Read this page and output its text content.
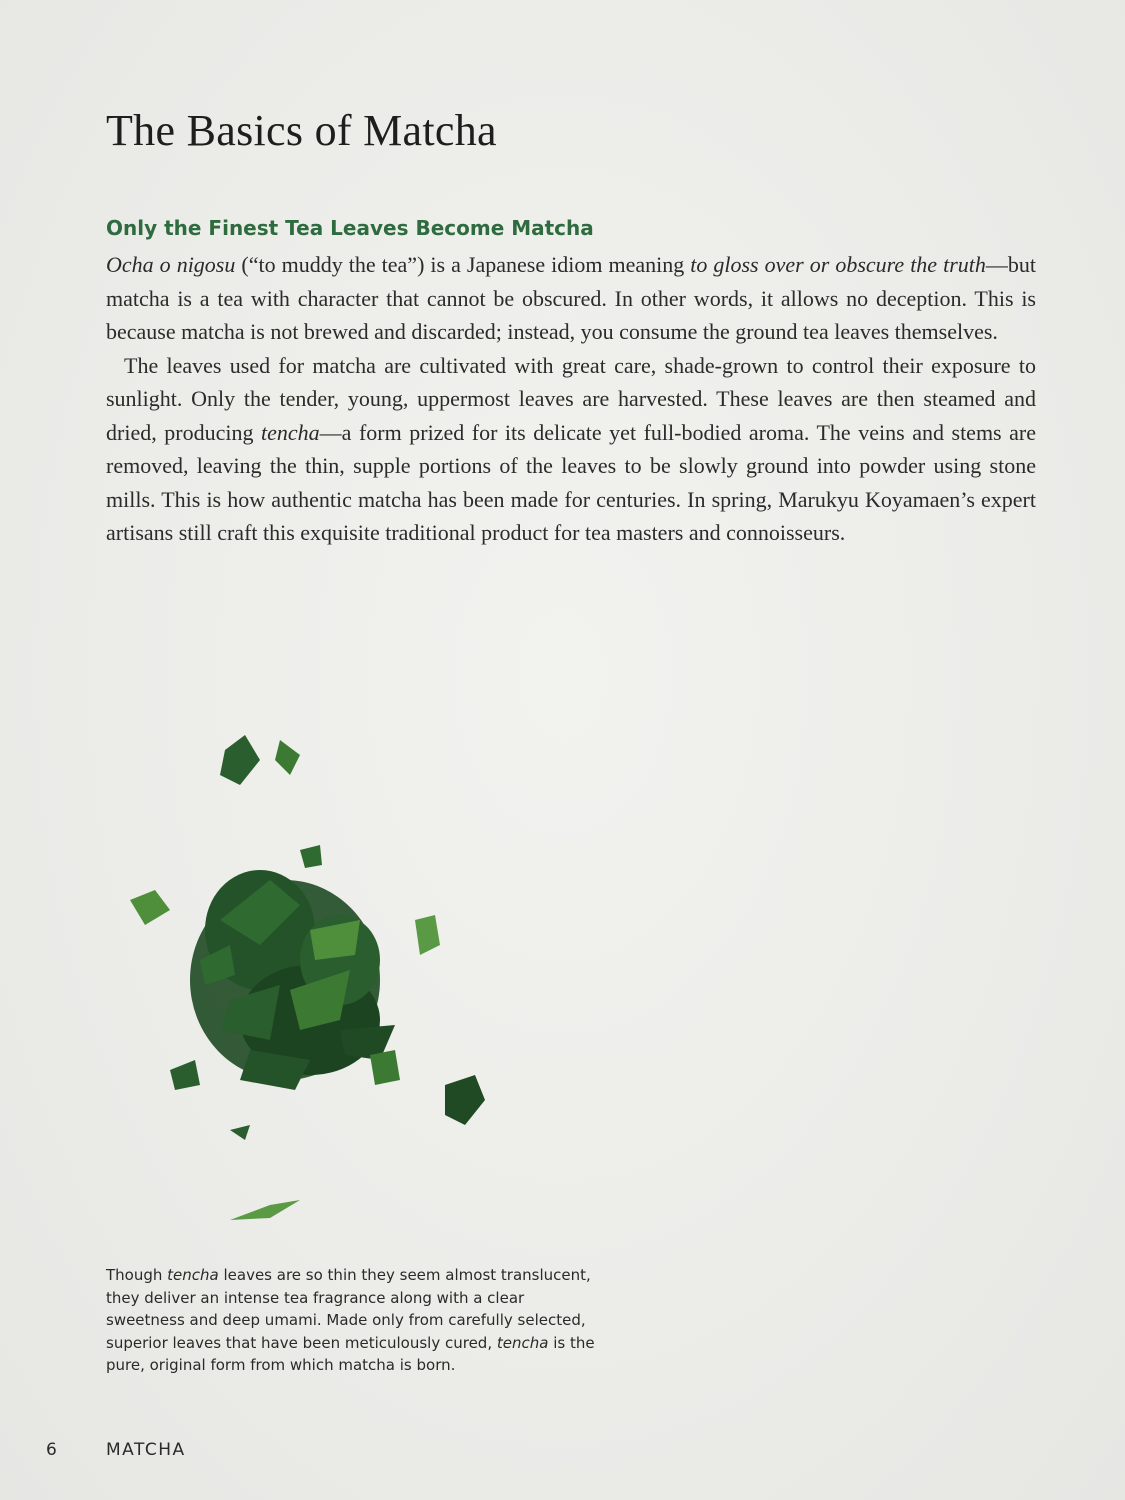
The Basics of Matcha
Only the Finest Tea Leaves Become Matcha

Ocha o nigosu (“to muddy the tea”) is a Japanese idiom meaning to gloss over or obscure the truth—but matcha is a tea with character that cannot be obscured. In other words, it allows no deception. This is because matcha is not brewed and discarded; instead, you consume the ground tea leaves themselves.

The leaves used for matcha are cultivated with great care, shade-grown to control their exposure to sunlight. Only the tender, young, uppermost leaves are harvested. These leaves are then steamed and dried, producing tencha—a form prized for its delicate yet full-bodied aroma. The veins and stems are removed, leaving the thin, supple portions of the leaves to be slowly ground into powder using stone mills. This is how authentic matcha has been made for centuries. In spring, Marukyu Koyamaen’s expert artisans still craft this exquisite traditional product for tea masters and connoisseurs.

Though tencha leaves are so thin they seem almost translucent, they deliver an intense tea fragrance along with a clear sweetness and deep umami. Made only from carefully selected, superior leaves that have been meticulously cured, tencha is the pure, original form from which matcha is born.

6	MATCHA
